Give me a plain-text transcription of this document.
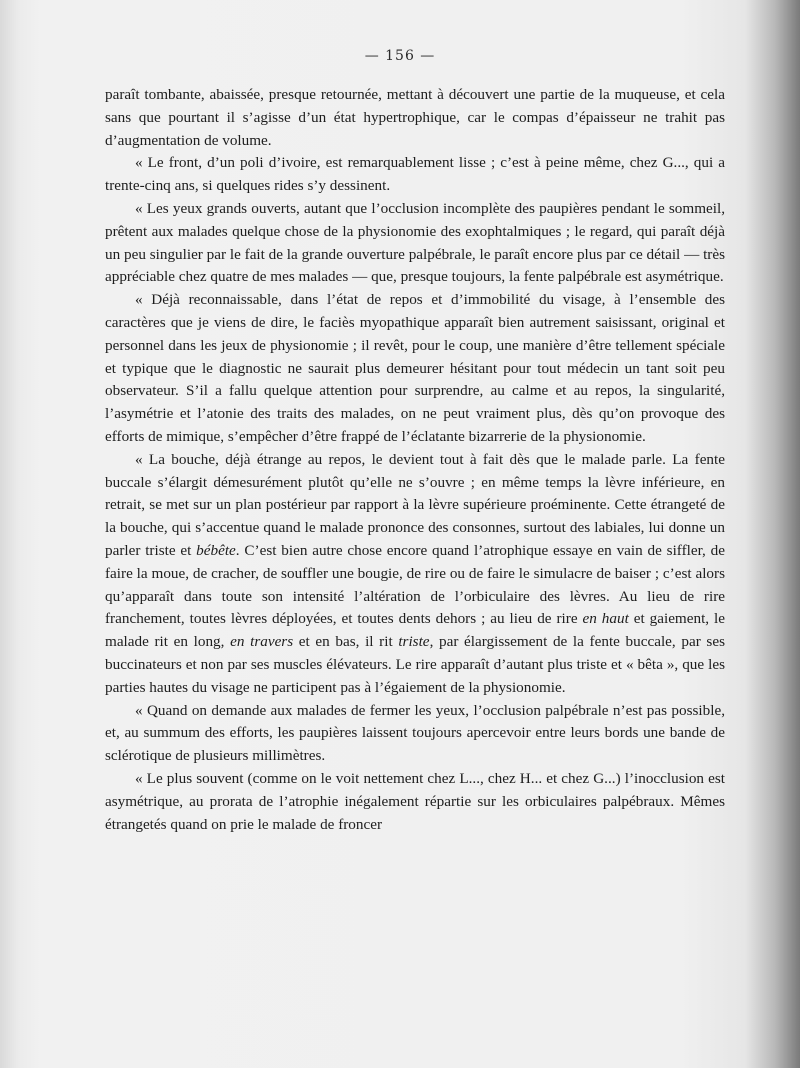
— 156 —

paraît tombante, abaissée, presque retournée, mettant à découvert une partie de la muqueuse, et cela sans que pourtant il s’agisse d’un état hypertrophique, car le compas d’épaisseur ne trahit pas d’augmentation de volume.

« Le front, d’un poli d’ivoire, est remarquablement lisse ; c’est à peine même, chez G..., qui a trente-cinq ans, si quelques rides s’y dessinent.

« Les yeux grands ouverts, autant que l’occlusion incomplète des paupières pendant le sommeil, prêtent aux malades quelque chose de la physionomie des exophtalmiques ; le regard, qui paraît déjà un peu singulier par le fait de la grande ouverture palpébrale, le paraît encore plus par ce détail — très appréciable chez quatre de mes malades — que, presque toujours, la fente palpébrale est asymétrique.

« Déjà reconnaissable, dans l’état de repos et d’immobilité du visage, à l’ensemble des caractères que je viens de dire, le faciès myopathique apparaît bien autrement saisissant, original et personnel dans les jeux de physionomie ; il revêt, pour le coup, une manière d’être tellement spéciale et typique que le diagnostic ne saurait plus demeurer hésitant pour tout médecin un tant soit peu observateur. S’il a fallu quelque attention pour surprendre, au calme et au repos, la singularité, l’asymétrie et l’atonie des traits des malades, on ne peut vraiment plus, dès qu’on provoque des efforts de mimique, s’empêcher d’être frappé de l’éclatante bizarrerie de la physionomie.

« La bouche, déjà étrange au repos, le devient tout à fait dès que le malade parle. La fente buccale s’élargit démesurément plutôt qu’elle ne s’ouvre ; en même temps la lèvre inférieure, en retrait, se met sur un plan postérieur par rapport à la lèvre supérieure proéminente. Cette étrangeté de la bouche, qui s’accentue quand le malade prononce des consonnes, surtout des labiales, lui donne un parler triste et bébête. C’est bien autre chose encore quand l’atrophique essaye en vain de siffler, de faire la moue, de cracher, de souffler une bougie, de rire ou de faire le simulacre de baiser ; c’est alors qu’apparaît dans toute son intensité l’altération de l’orbiculaire des lèvres. Au lieu de rire franchement, toutes lèvres déployées, et toutes dents dehors ; au lieu de rire en haut et gaiement, le malade rit en long, en travers et en bas, il rit triste, par élargissement de la fente buccale, par ses buccinateurs et non par ses muscles élévateurs. Le rire apparaît d’autant plus triste et « bêta », que les parties hautes du visage ne participent pas à l’égaiement de la physionomie.

« Quand on demande aux malades de fermer les yeux, l’occlusion palpébrale n’est pas possible, et, au summum des efforts, les paupières laissent toujours apercevoir entre leurs bords une bande de sclérotique de plusieurs millimètres.

« Le plus souvent (comme on le voit nettement chez L..., chez H... et chez G...) l’inocclusion est asymétrique, au prorata de l’atrophie inégalement répartie sur les orbiculaires palpébraux. Mêmes étrangetés quand on prie le malade de froncer
